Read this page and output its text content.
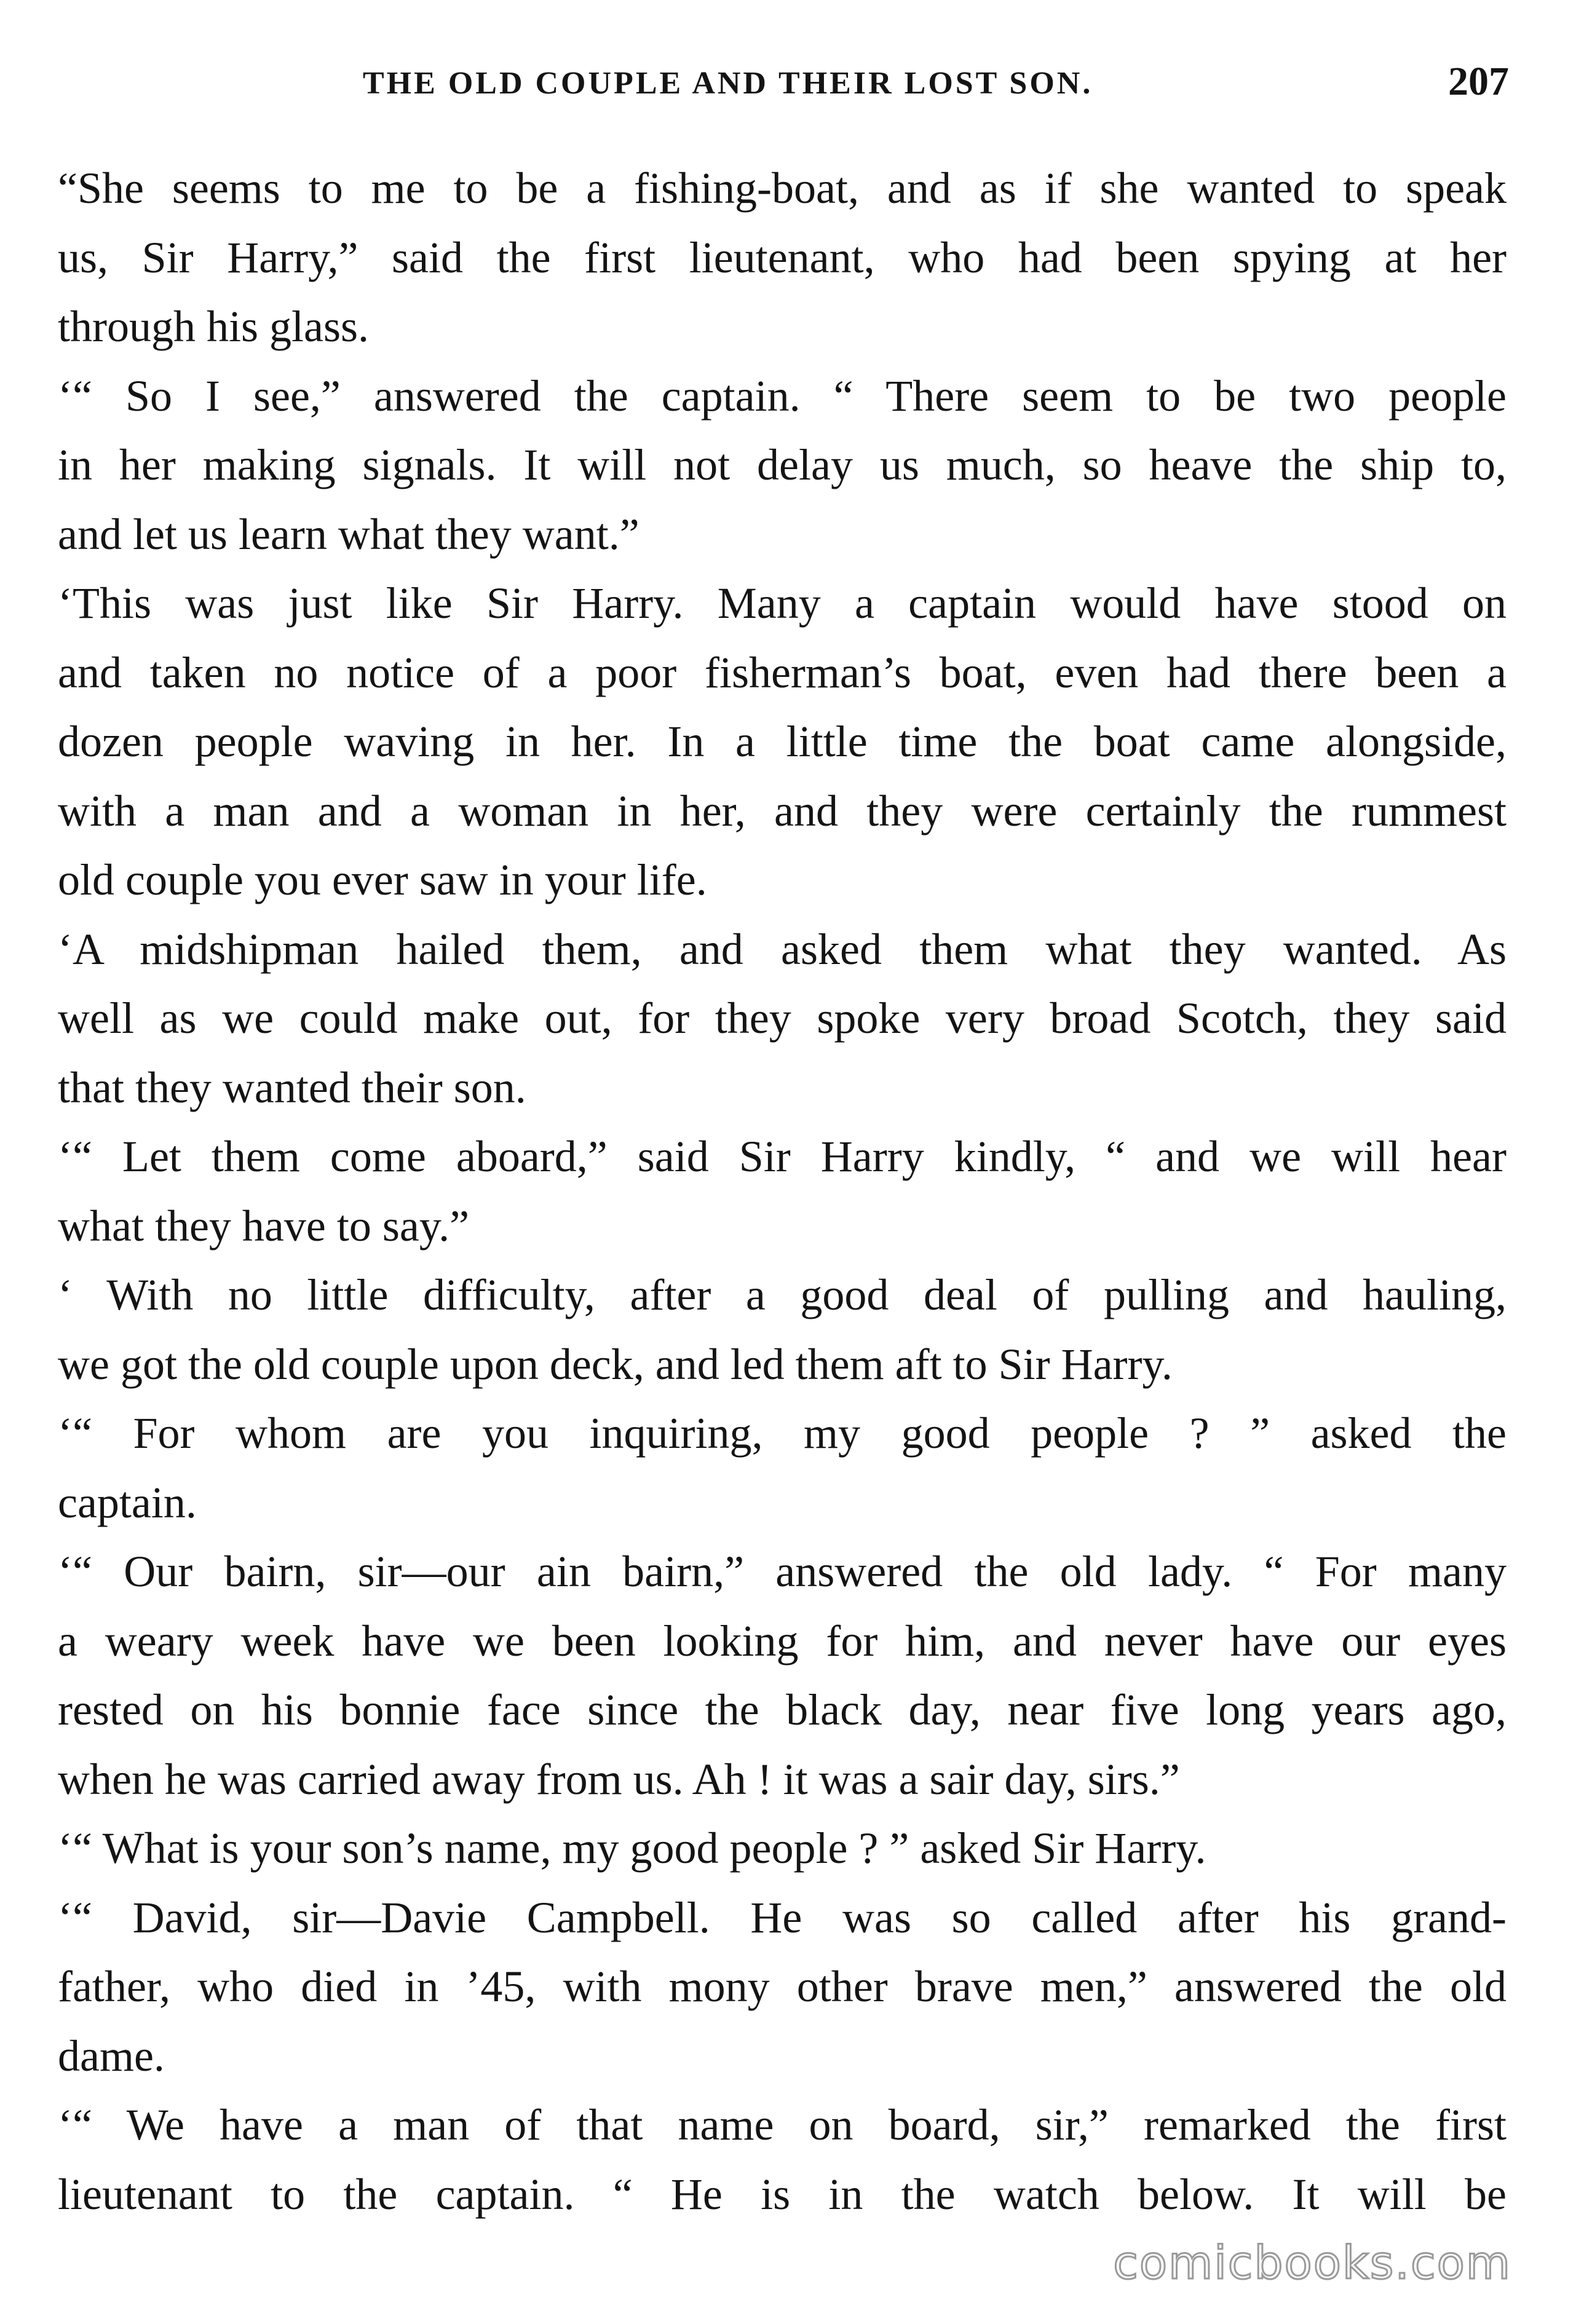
THE OLD COUPLE AND THEIR LOST SON.	207
“She seems to me to be a fishing-boat, and as if she wanted to speak
us, Sir Harry,” said the first lieutenant, who had been spying at her
through his glass.
‘“ So I see,” answered the captain. “ There seem to be two people
in her making signals. It will not delay us much, so heave the ship to,
and let us learn what they want.”
‘This was just like Sir Harry. Many a captain would have stood on
and taken no notice of a poor fisherman’s boat, even had there been a
dozen people waving in her. In a little time the boat came alongside,
with a man and a woman in her, and they were certainly the rummest
old couple you ever saw in your life.
‘A midshipman hailed them, and asked them what they wanted. As
well as we could make out, for they spoke very broad Scotch, they said
that they wanted their son.
‘“ Let them come aboard,” said Sir Harry kindly, “ and we will hear
what they have to say.”
‘ With no little difficulty, after a good deal of pulling and hauling,
we got the old couple upon deck, and led them aft to Sir Harry.
‘“ For whom are you inquiring, my good people ? ” asked the
captain.
‘“ Our bairn, sir—our ain bairn,” answered the old lady. “ For many
a weary week have we been looking for him, and never have our eyes
rested on his bonnie face since the black day, near five long years ago,
when he was carried away from us. Ah ! it was a sair day, sirs.”
‘“ What is your son’s name, my good people ? ” asked Sir Harry.
‘“ David, sir—Davie Campbell. He was so called after his grand-
father, who died in ’45, with mony other brave men,” answered the old
dame.
‘“ We have a man of that name on board, sir,” remarked the first
lieutenant to the captain. “ He is in the watch below. It will be
comicbooks.com
